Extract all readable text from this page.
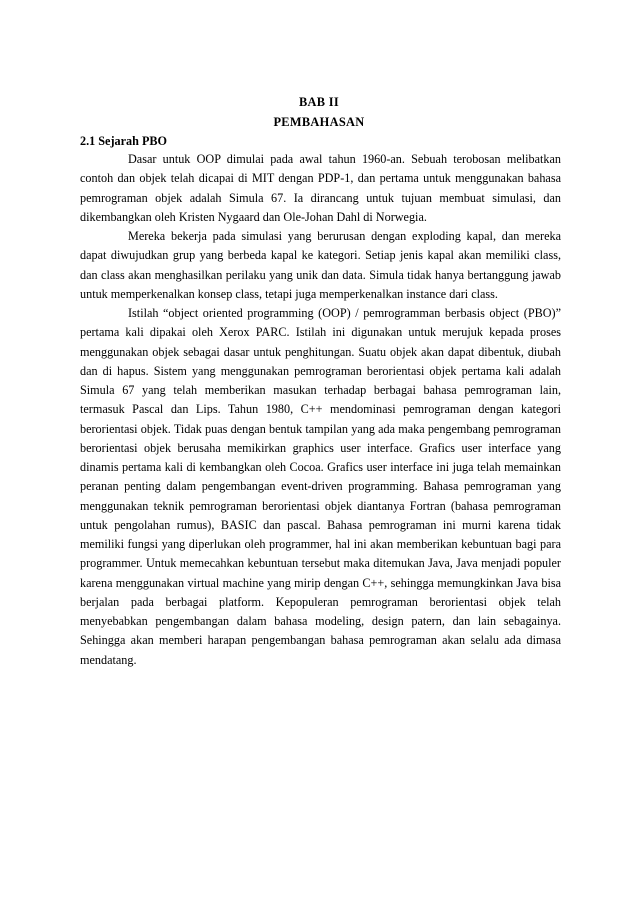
BAB II
PEMBAHASAN
2.1 Sejarah PBO

Dasar untuk OOP dimulai pada awal tahun 1960-an. Sebuah terobosan melibatkan contoh dan objek telah dicapai di MIT dengan PDP-1, dan pertama untuk menggunakan bahasa pemrograman objek adalah Simula 67. Ia dirancang untuk tujuan membuat simulasi, dan dikembangkan oleh Kristen Nygaard dan Ole-Johan Dahl di Norwegia.

Mereka bekerja pada simulasi yang berurusan dengan exploding kapal, dan mereka dapat diwujudkan grup yang berbeda kapal ke kategori. Setiap jenis kapal akan memiliki class, dan class akan menghasilkan perilaku yang unik dan data. Simula tidak hanya bertanggung jawab untuk memperkenalkan konsep class, tetapi juga memperkenalkan instance dari class.

Istilah “object oriented programming (OOP) / pemrogramman berbasis object (PBO)” pertama kali dipakai oleh Xerox PARC. Istilah ini digunakan untuk merujuk kepada proses menggunakan objek sebagai dasar untuk penghitungan. Suatu objek akan dapat dibentuk, diubah dan di hapus. Sistem yang menggunakan pemrograman berorientasi objek pertama kali adalah Simula 67 yang telah memberikan masukan terhadap berbagai bahasa pemrograman lain, termasuk Pascal dan Lips. Tahun 1980, C++ mendominasi pemrograman dengan kategori berorientasi objek. Tidak puas dengan bentuk tampilan yang ada maka pengembang pemrograman berorientasi objek berusaha memikirkan graphics user interface. Grafics user interface yang dinamis pertama kali di kembangkan oleh Cocoa. Grafics user interface ini juga telah memainkan peranan penting dalam pengembangan event-driven programming. Bahasa pemrograman yang menggunakan teknik pemrograman berorientasi objek diantanya Fortran (bahasa pemrograman untuk pengolahan rumus), BASIC dan pascal. Bahasa pemrograman ini murni karena tidak memiliki fungsi yang diperlukan oleh programmer, hal ini akan memberikan kebuntuan bagi para programmer. Untuk memecahkan kebuntuan tersebut maka ditemukan Java, Java menjadi populer karena menggunakan virtual machine yang mirip dengan C++, sehingga memungkinkan Java bisa berjalan pada berbagai platform. Kepopuleran pemrograman berorientasi objek telah menyebabkan pengembangan dalam bahasa modeling, design patern, dan lain sebagainya. Sehingga akan memberi harapan pengembangan bahasa pemrograman akan selalu ada dimasa mendatang.
